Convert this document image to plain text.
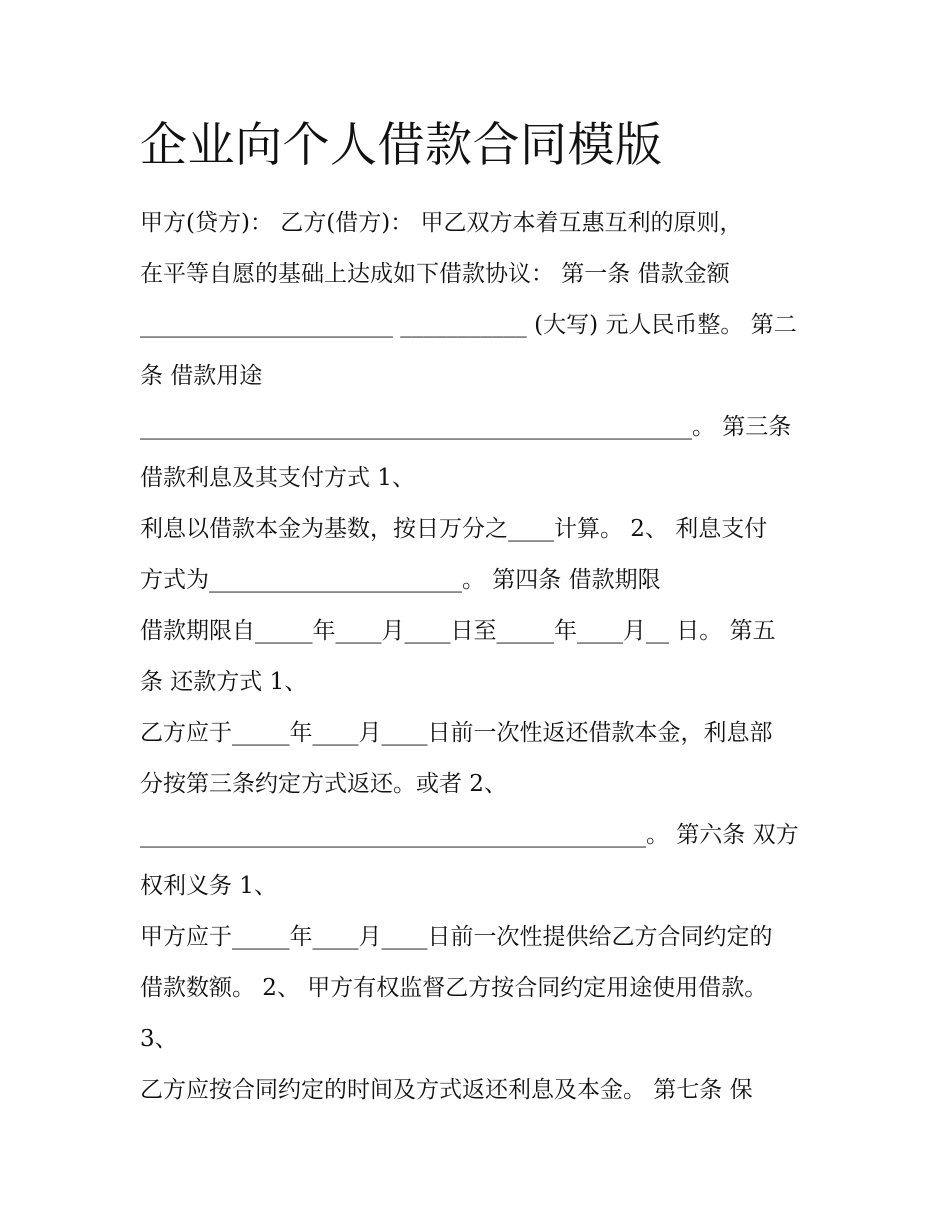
企业向个人借款合同模版
甲方(贷方)： 乙方(借方)： 甲乙双方本着互惠互利的原则，
在平等自愿的基础上达成如下借款协议： 第一条 借款金额
______________________ ___________ (大写) 元人民币整。 第二
条 借款用途
________________________________________________。 第三条
借款利息及其支付方式 1、
利息以借款本金为基数，按日万分之____计算。 2、 利息支付
方式为______________________。 第四条 借款期限
借款期限自_____年____月____日至_____年____月__ 日。 第五
条 还款方式 1、
乙方应于_____年____月____日前一次性返还借款本金，利息部
分按第三条约定方式返还。或者 2、
____________________________________________。 第六条 双方
权利义务 1、
甲方应于_____年____月____日前一次性提供给乙方合同约定的
借款数额。 2、 甲方有权监督乙方按合同约定用途使用借款。
3、
乙方应按合同约定的时间及方式返还利息及本金。 第七条 保
